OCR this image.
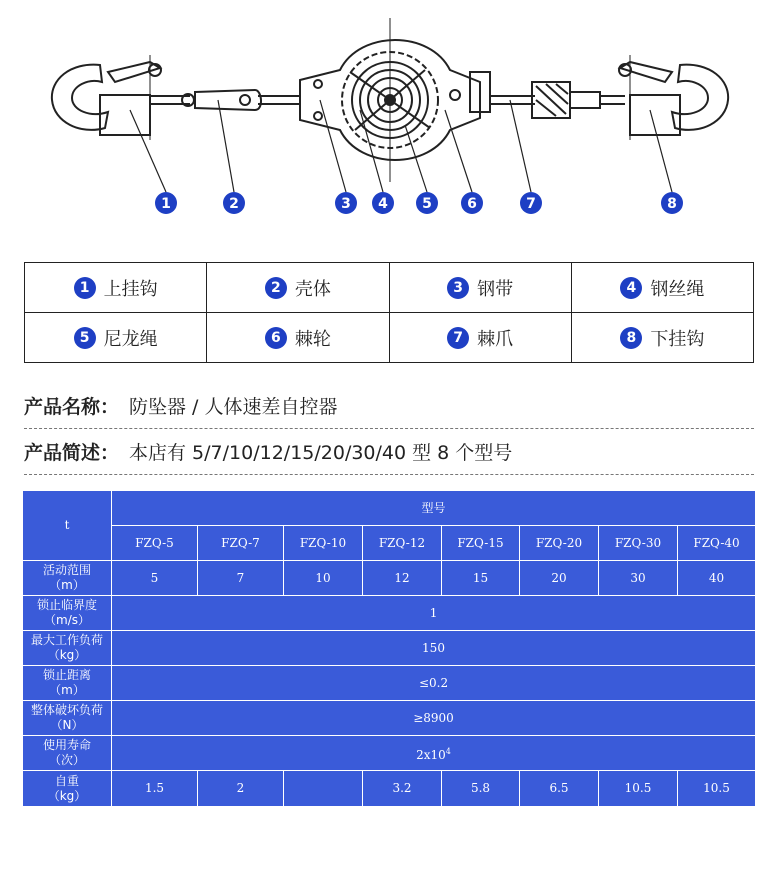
1	2	3 4 5	6	7	8
1 上挂钩	2 壳体	3 钢带	4 钢丝绳
5 尼龙绳	6 棘轮	7 棘爪	8 下挂钩
产品名称： 防坠器 / 人体速差自控器
产品简述： 本店有 5/7/10/12/15/20/30/40 型 8 个型号
t	型号							
	FZQ-5	FZQ-7	FZQ-10	FZQ-12	FZQ-15	FZQ-20	FZQ-30	FZQ-40
活动范围
（m）	5	7	10	12	15	20	30	40
锁止临界度
（m/s）	1							
最大工作负荷
（kg）	150							
锁止距离
（m）	≤0.2							
整体破坏负荷
（N）	≥8900							
使用寿命
（次）	$2x10^4$
自重
（kg）	1.5	2		3.2	5.8	6.5	10.5	10.5
